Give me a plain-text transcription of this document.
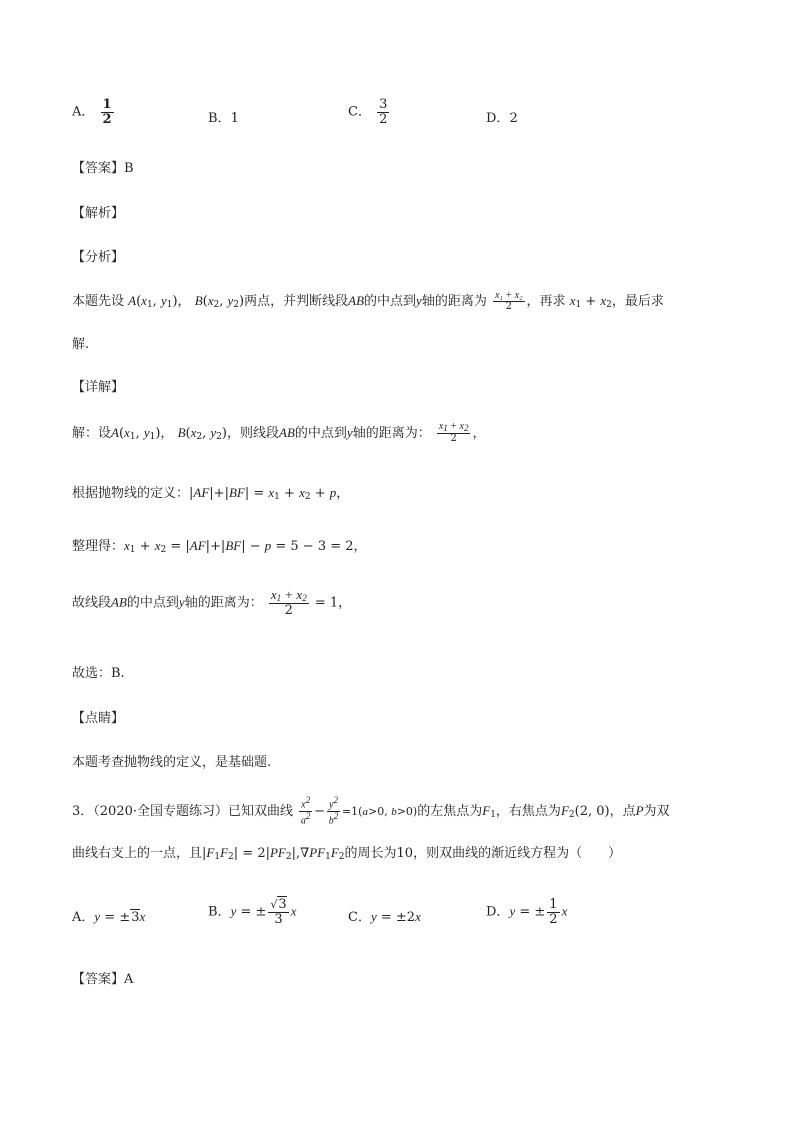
A． $\frac{1}{2}$	B．1	C． $\frac{3}{2}$	D．2
【答案】B
【解析】
【分析】
本题先设 $A(x_1$, $y_1$)， $B(x_2$, $y_2$)两点，并判断线段AB的中点到y轴的距离为 $\frac{\text{x₁ + x₂}}{2}$ ，再求 $x_1 + x_2$，最后求
解.
【详解】
解：设$A(x_1$, $y_1$)， $B(x_2$, $y_2$)，则线段AB的中点到y轴的距离为： $\frac{x_1 + x_2}{2}$ ，
根据抛物线的定义：$|AF|+|BF| = x_1 + x_2 + p$，
整理得：$x_1 + x_2 = |AF|+|BF| - p = 5 - 3 = 2$，
故线段AB的中点到y轴的距离为： $\frac{x_1 + x_2}{2} = 1$，
故选：B.
【点睛】
本题考查抛物线的定义，是基础题.
3．（2020·全国专题练习）已知双曲线 $\frac{x^2}{a^2} - \frac{y^2}{b^2} =1(a>0$, b>0)的左焦点为$F_1$，右焦点为$F_2(2$, 0)，点P为双
曲线右支上的一点，且$|F_1F_2| = 2|PF_2|,\nabla PF_1F_2$的周长为10，则双曲线的渐近线方程为（　　）
A．y = ±3x	B．y = ± $\frac{√3}{3}$ x	C．y = ±2x	D．y = ± $\frac{1}{2}$ x
【答案】A
